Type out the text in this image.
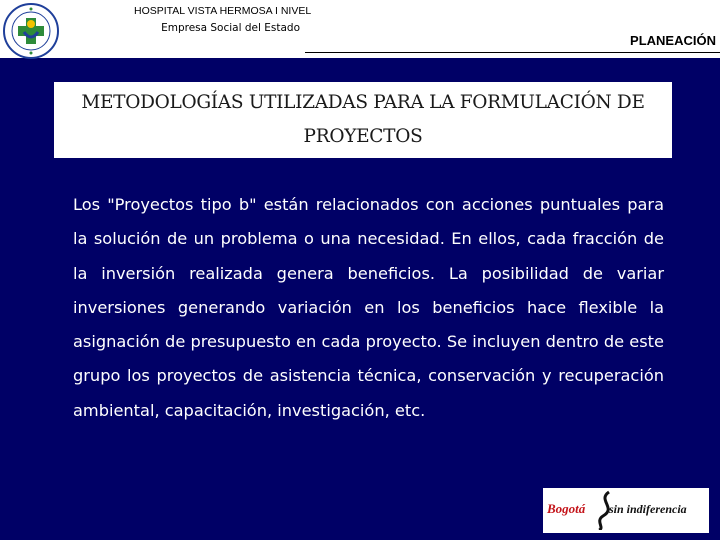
HOSPITAL VISTA HERMOSA I NIVEL
Empresa Social del Estado
PLANEACIÓN
METODOLOGÍAS UTILIZADAS PARA LA FORMULACIÓN DE PROYECTOS
Los "Proyectos tipo b" están relacionados con acciones puntuales para la solución de un problema o una necesidad. En ellos, cada fracción de la inversión realizada genera beneficios. La posibilidad de variar inversiones generando variación en los beneficios hace flexible la asignación de presupuesto en cada proyecto. Se incluyen dentro de este grupo los proyectos de asistencia técnica, conservación y recuperación ambiental, capacitación, investigación, etc.
Bogotá sin indiferencia
